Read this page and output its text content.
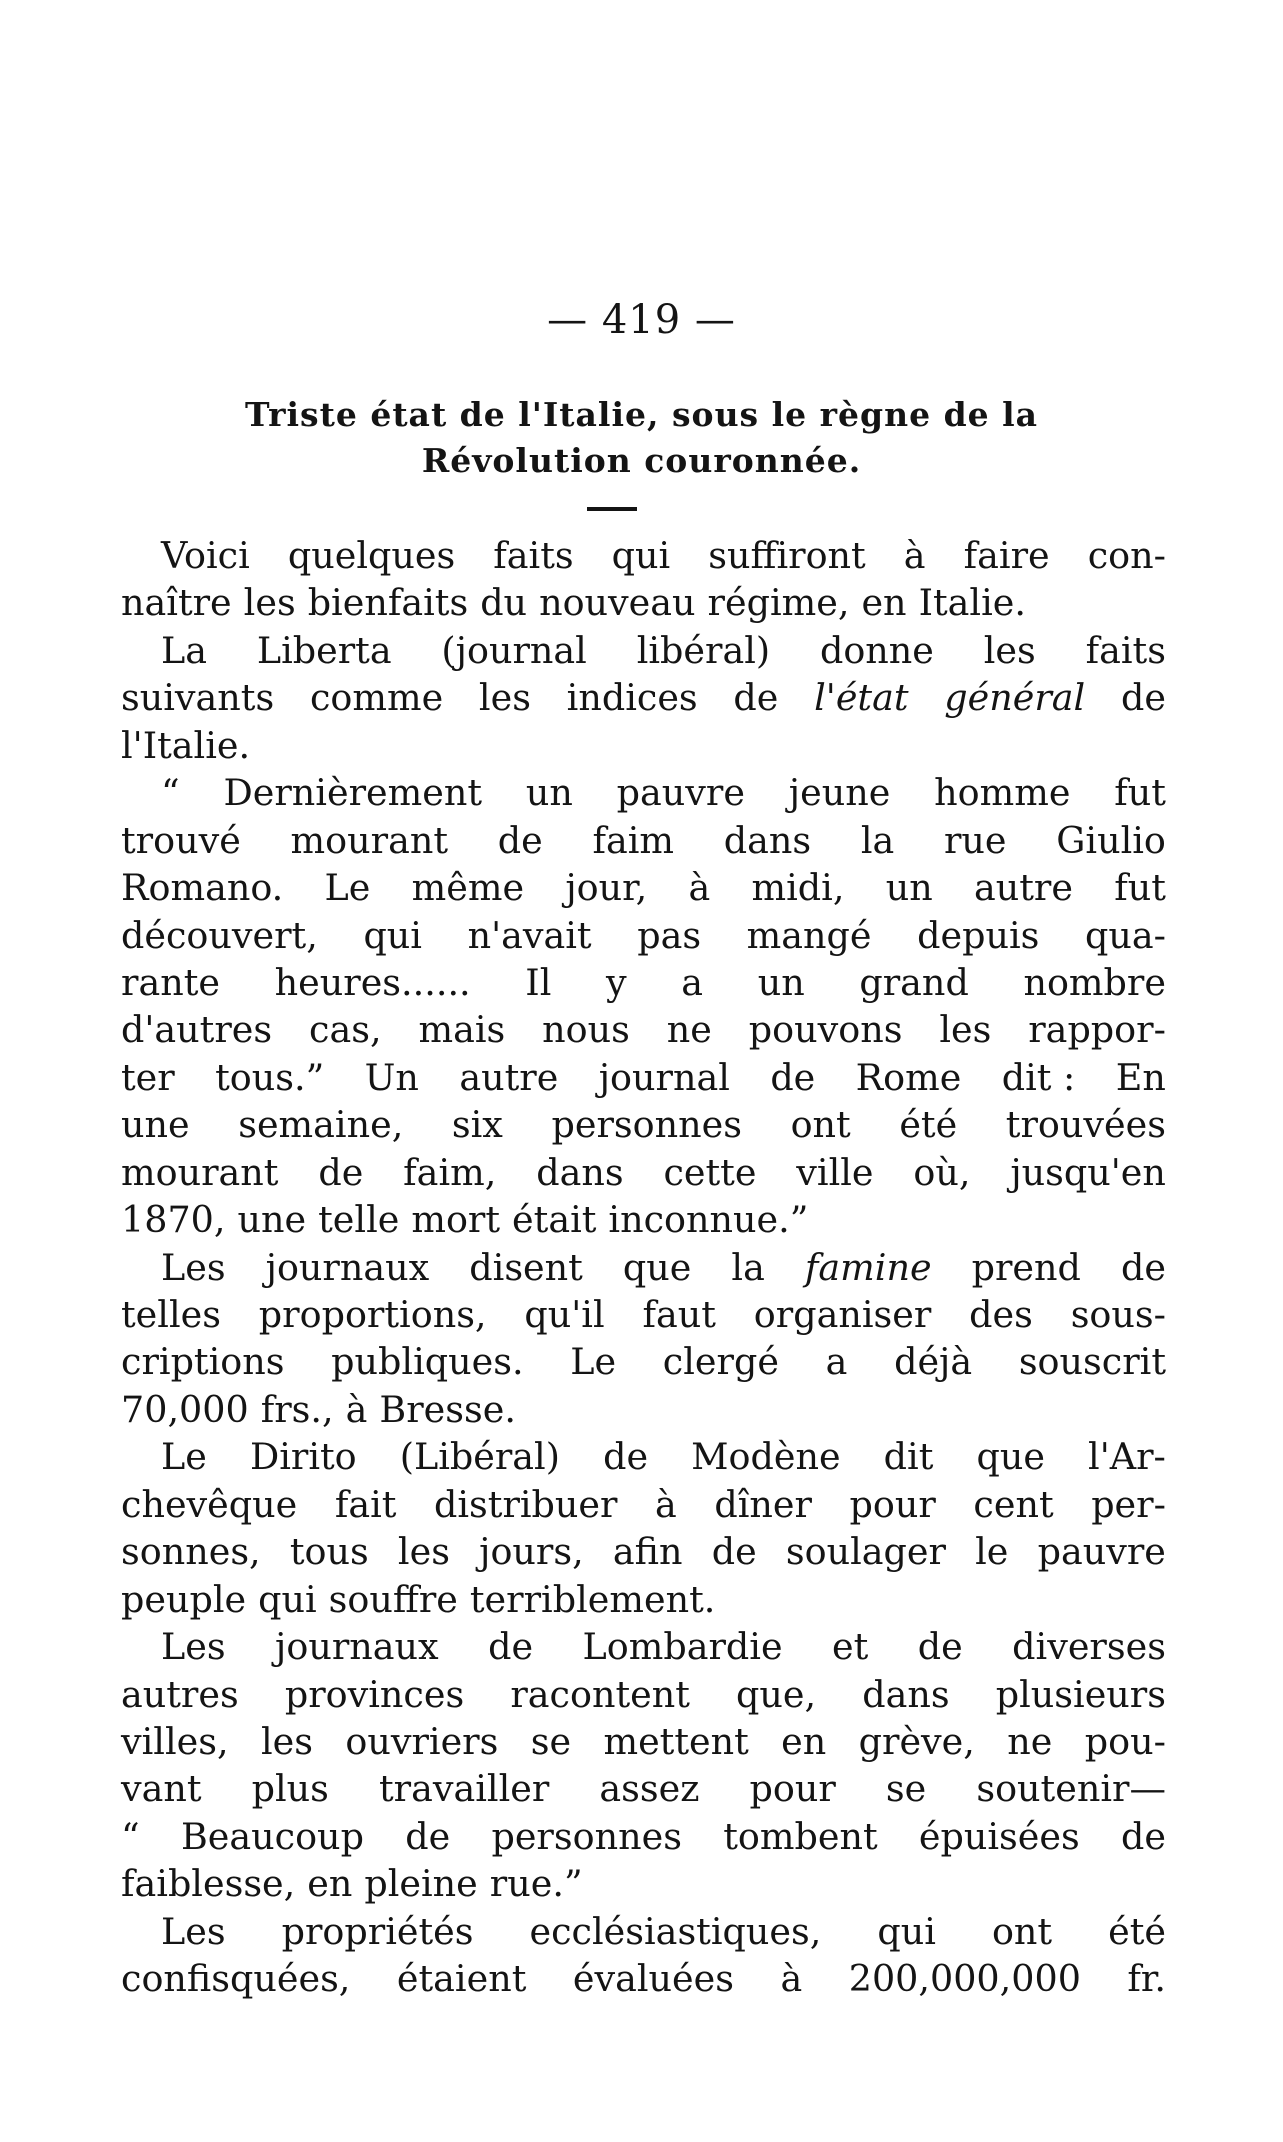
— 419 —
Triste état de l'Italie, sous le règne de la
Révolution couronnée.
Voici quelques faits qui suffiront à faire con-
naître les bienfaits du nouveau régime, en Italie.
La Liberta (journal libéral) donne les faits
suivants comme les indices de l'état général de
l'Italie.
“ Dernièrement un pauvre jeune homme fut
trouvé mourant de faim dans la rue Giulio
Romano. Le même jour, à midi, un autre fut
découvert, qui n'avait pas mangé depuis qua-
rante heures...... Il y a un grand nombre
d'autres cas, mais nous ne pouvons les rappor-
ter tous.” Un autre journal de Rome dit : En
une semaine, six personnes ont été trouvées
mourant de faim, dans cette ville où, jusqu'en
1870, une telle mort était inconnue.”
Les journaux disent que la famine prend de
telles proportions, qu'il faut organiser des sous-
criptions publiques. Le clergé a déjà souscrit
70,000 frs., à Bresse.
Le Dirito (Libéral) de Modène dit que l'Ar-
chevêque fait distribuer à dîner pour cent per-
sonnes, tous les jours, afin de soulager le pauvre
peuple qui souffre terriblement.
Les journaux de Lombardie et de diverses
autres provinces racontent que, dans plusieurs
villes, les ouvriers se mettent en grève, ne pou-
vant plus travailler assez pour se soutenir—
“ Beaucoup de personnes tombent épuisées de
faiblesse, en pleine rue.”
Les propriétés ecclésiastiques, qui ont été
confisquées, étaient évaluées à 200,000,000 fr.
